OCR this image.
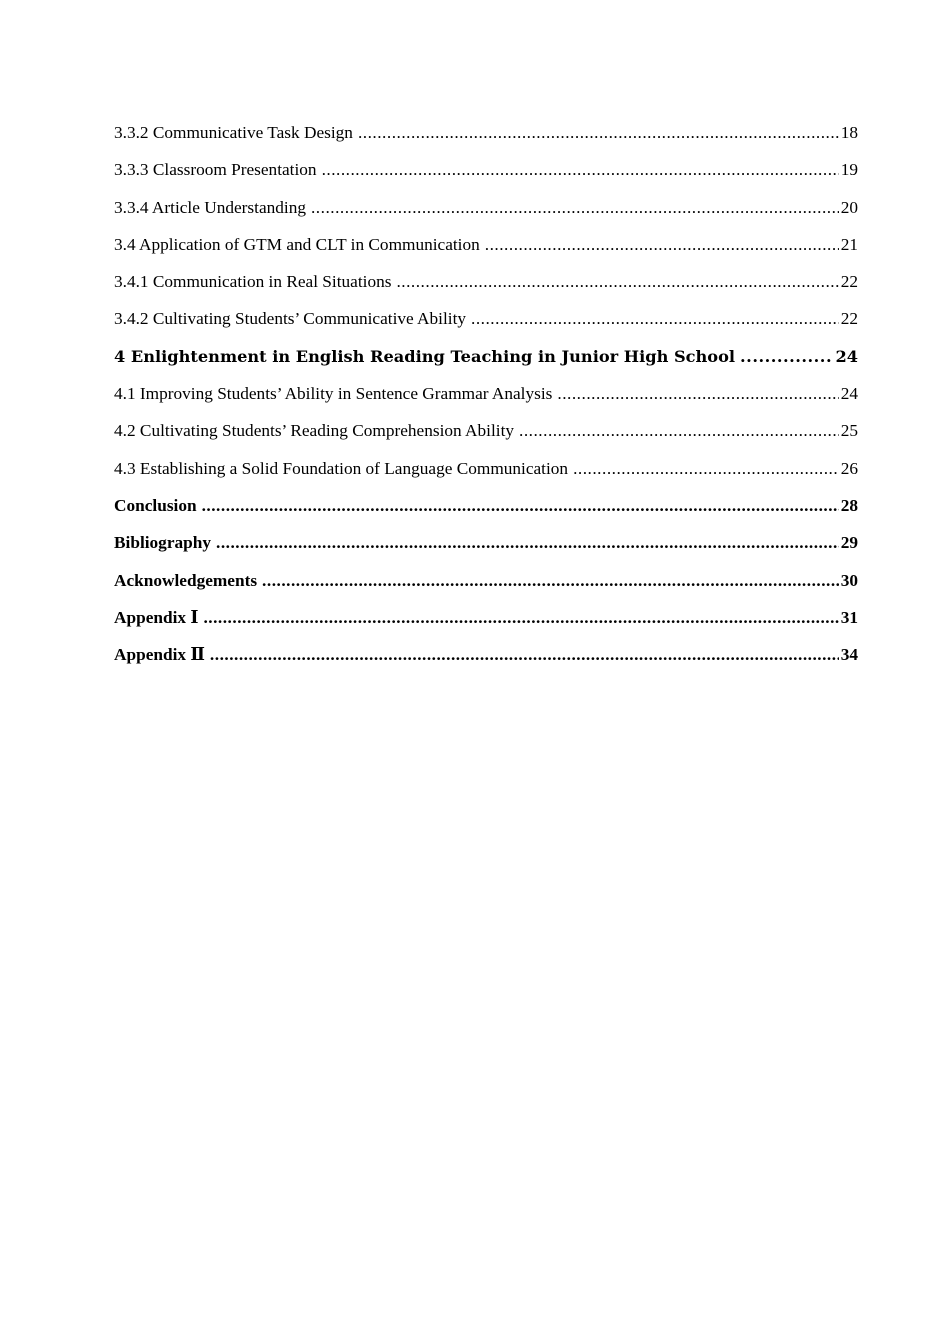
3.3.2 Communicative Task Design .....	18
3.3.3 Classroom Presentation .....	19
3.3.4 Article Understanding .....	20
3.4 Application of GTM and CLT in Communication .....	21
3.4.1 Communication in Real Situations .....	22
3.4.2 Cultivating Students’ Communicative Ability .....	22
4 Enlightenment in English Reading Teaching in Junior High School .....	24
4.1 Improving Students’ Ability in Sentence Grammar Analysis .....	24
4.2 Cultivating Students’ Reading Comprehension Ability .....	25
4.3 Establishing a Solid Foundation of Language Communication .....	26
Conclusion .....	28
Bibliography .....	29
Acknowledgements .....	30
Appendix Ⅰ .....	31
Appendix Ⅱ .....	34
